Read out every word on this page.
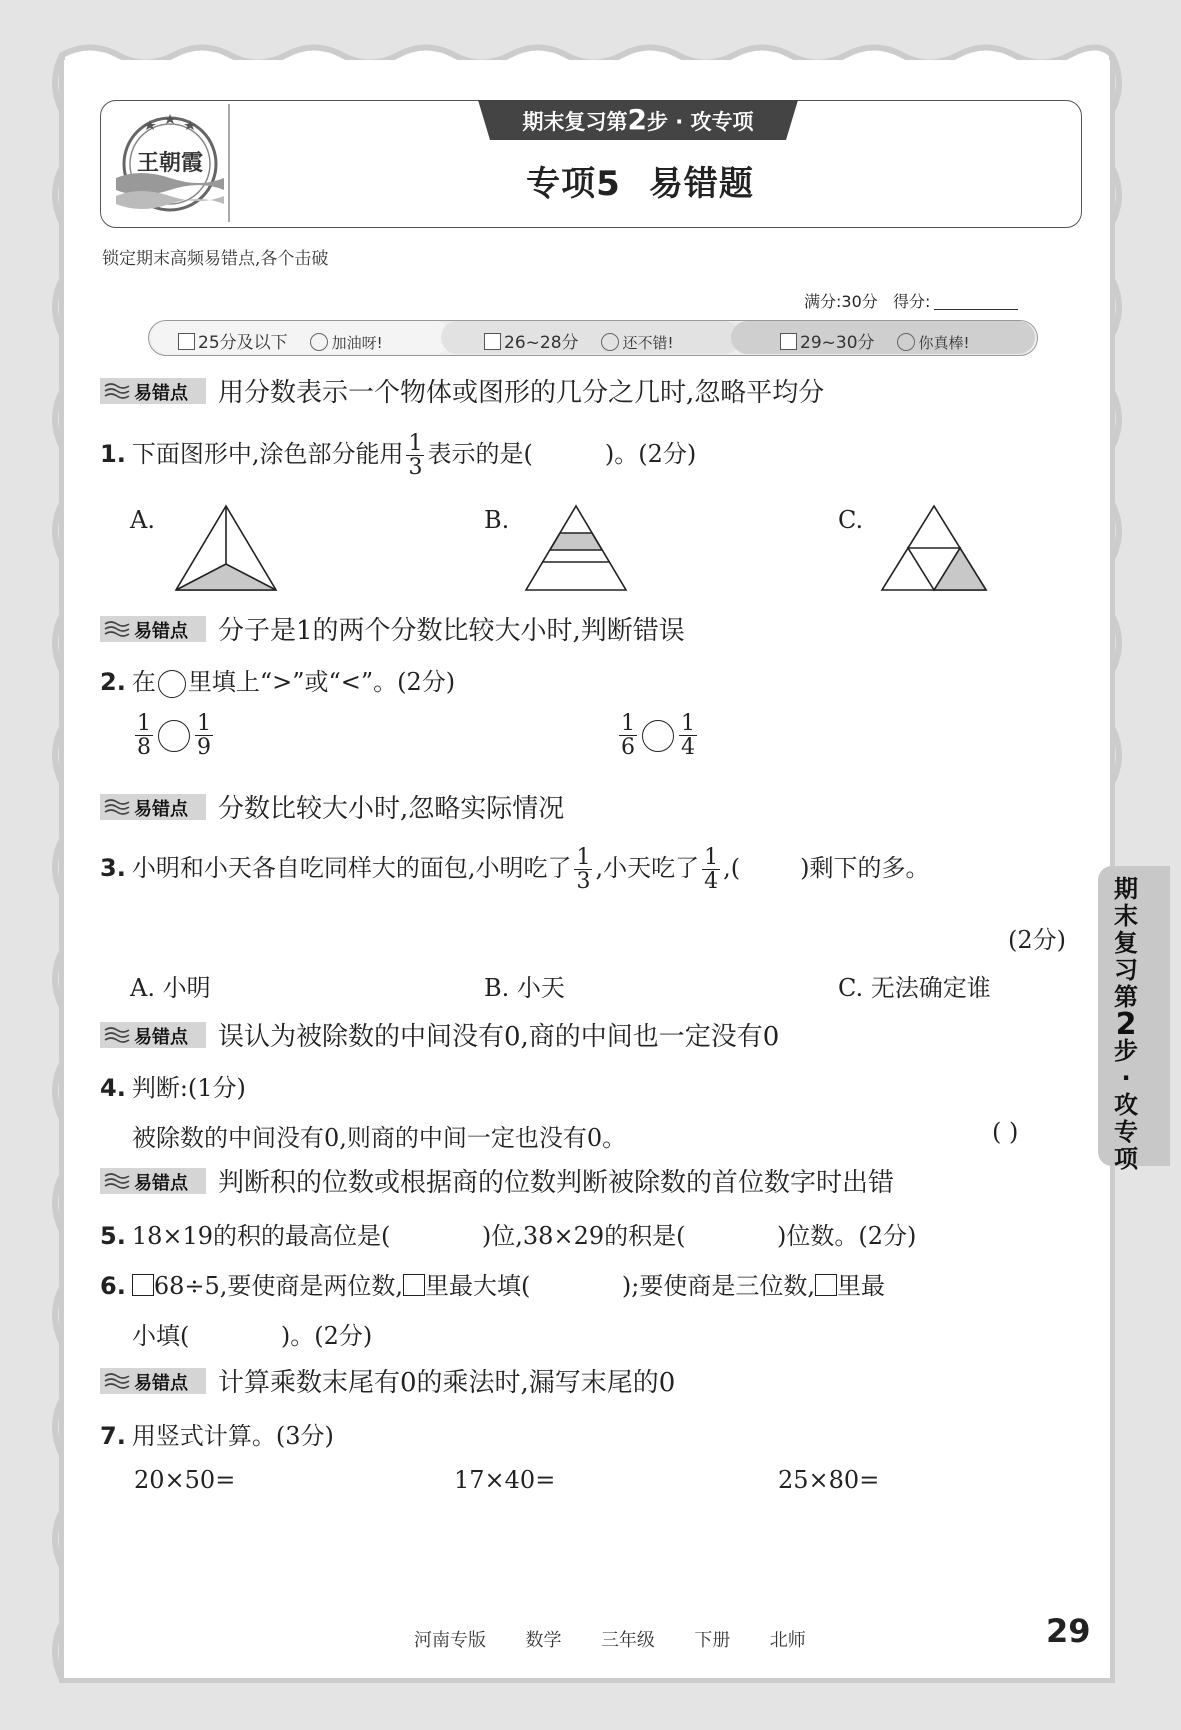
王朝霞
期末复习第2步 · 攻专项
专项5 易错题
锁定期末高频易错点,各个击破
满分:30分 得分:
25分及以下	加油呀!	26~28分	还不错!	29~30分	你真棒!
易错点 用分数表示一个物体或图形的几分之几时,忽略平均分
1. 下面图形中,涂色部分能用 $\frac{1}{3}$ 表示的是(	)。(2分)
A.	B.	C.
易错点 分子是1的两个分数比较大小时,判断错误
2. 在 里填上“>”或“<”。(2分)
$\frac{1}{8} \frac{1}{9}$	$\frac{1}{6} \frac{1}{4}$
易错点 分数比较大小时,忽略实际情况
3. 小明和小天各自吃同样大的面包,小明吃了 $\frac{1}{3}$ ,小天吃了 $\frac{1}{4}$ ,(	)剩下的多。
(2分)
A. 小明	B. 小天	C. 无法确定谁
易错点 误认为被除数的中间没有0,商的中间也一定没有0
4. 判断:(1分)
被除数的中间没有0,则商的中间一定也没有0。	( )
易错点 判断积的位数或根据商的位数判断被除数的首位数字时出错
5. 18×19的积的最高位是(            )位,38×29的积是(            )位数。(2分)
6. 68÷5,要使商是两位数, 里最大填(            );要使商是三位数, 里最
小填(            )。(2分)
易错点 计算乘数末尾有0的乘法时,漏写末尾的0
7. 用竖式计算。(3分)
20×50=	17×40=	25×80=
期
末
复
习
第
2
步
·
攻
专
项
河南专版  数学  三年级  下册  北师	29
